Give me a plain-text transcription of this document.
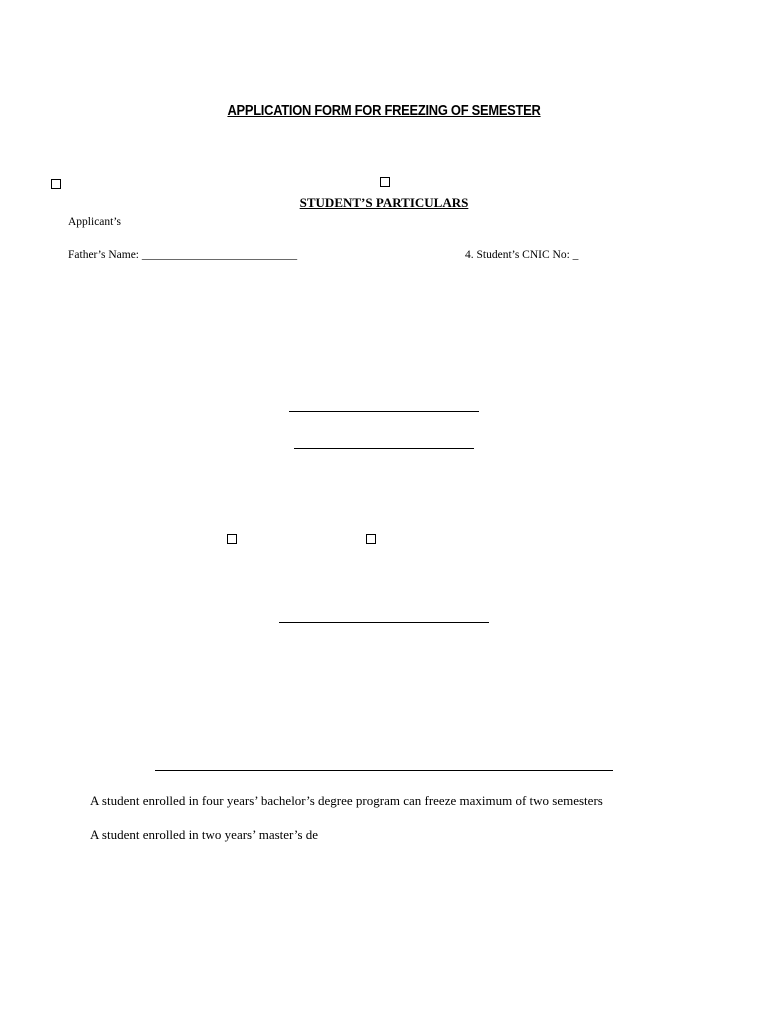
APPLICATION FORM FOR FREEZING OF SEMESTER
STUDENT’S PARTICULARS
Applicant’s
Father’s Name: ___________________________	4. Student’s CNIC No: _
A student enrolled in four years’ bachelor’s degree program can freeze maximum of two semesters
A student enrolled in two years’ master’s de
